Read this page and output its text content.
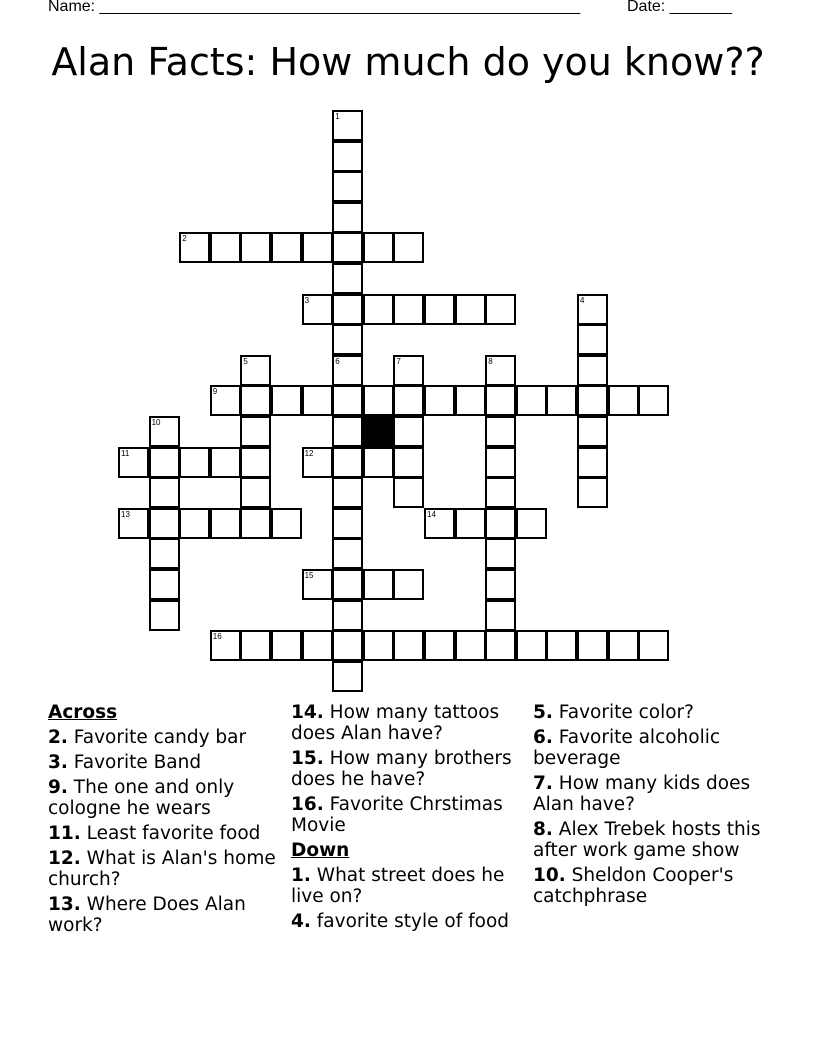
Name: ______________________________________________________	Date: _______
Alan Facts: How much do you know??
1
6
2
3	4
5	7	8
9
10
11	12
13	14
15
16
Across
2. Favorite candy bar
3. Favorite Band
9. The one and only cologne he wears
11. Least favorite food
12. What is Alan's home church?
13. Where Does Alan work?
14. How many tattoos does Alan have?
15. How many brothers does he have?
16. Favorite Chrstimas Movie
Down
1. What street does he live on?
4. favorite style of food
5. Favorite color?
6. Favorite alcoholic beverage
7. How many kids does Alan have?
8. Alex Trebek hosts this after work game show
10. Sheldon Cooper's catchphrase
